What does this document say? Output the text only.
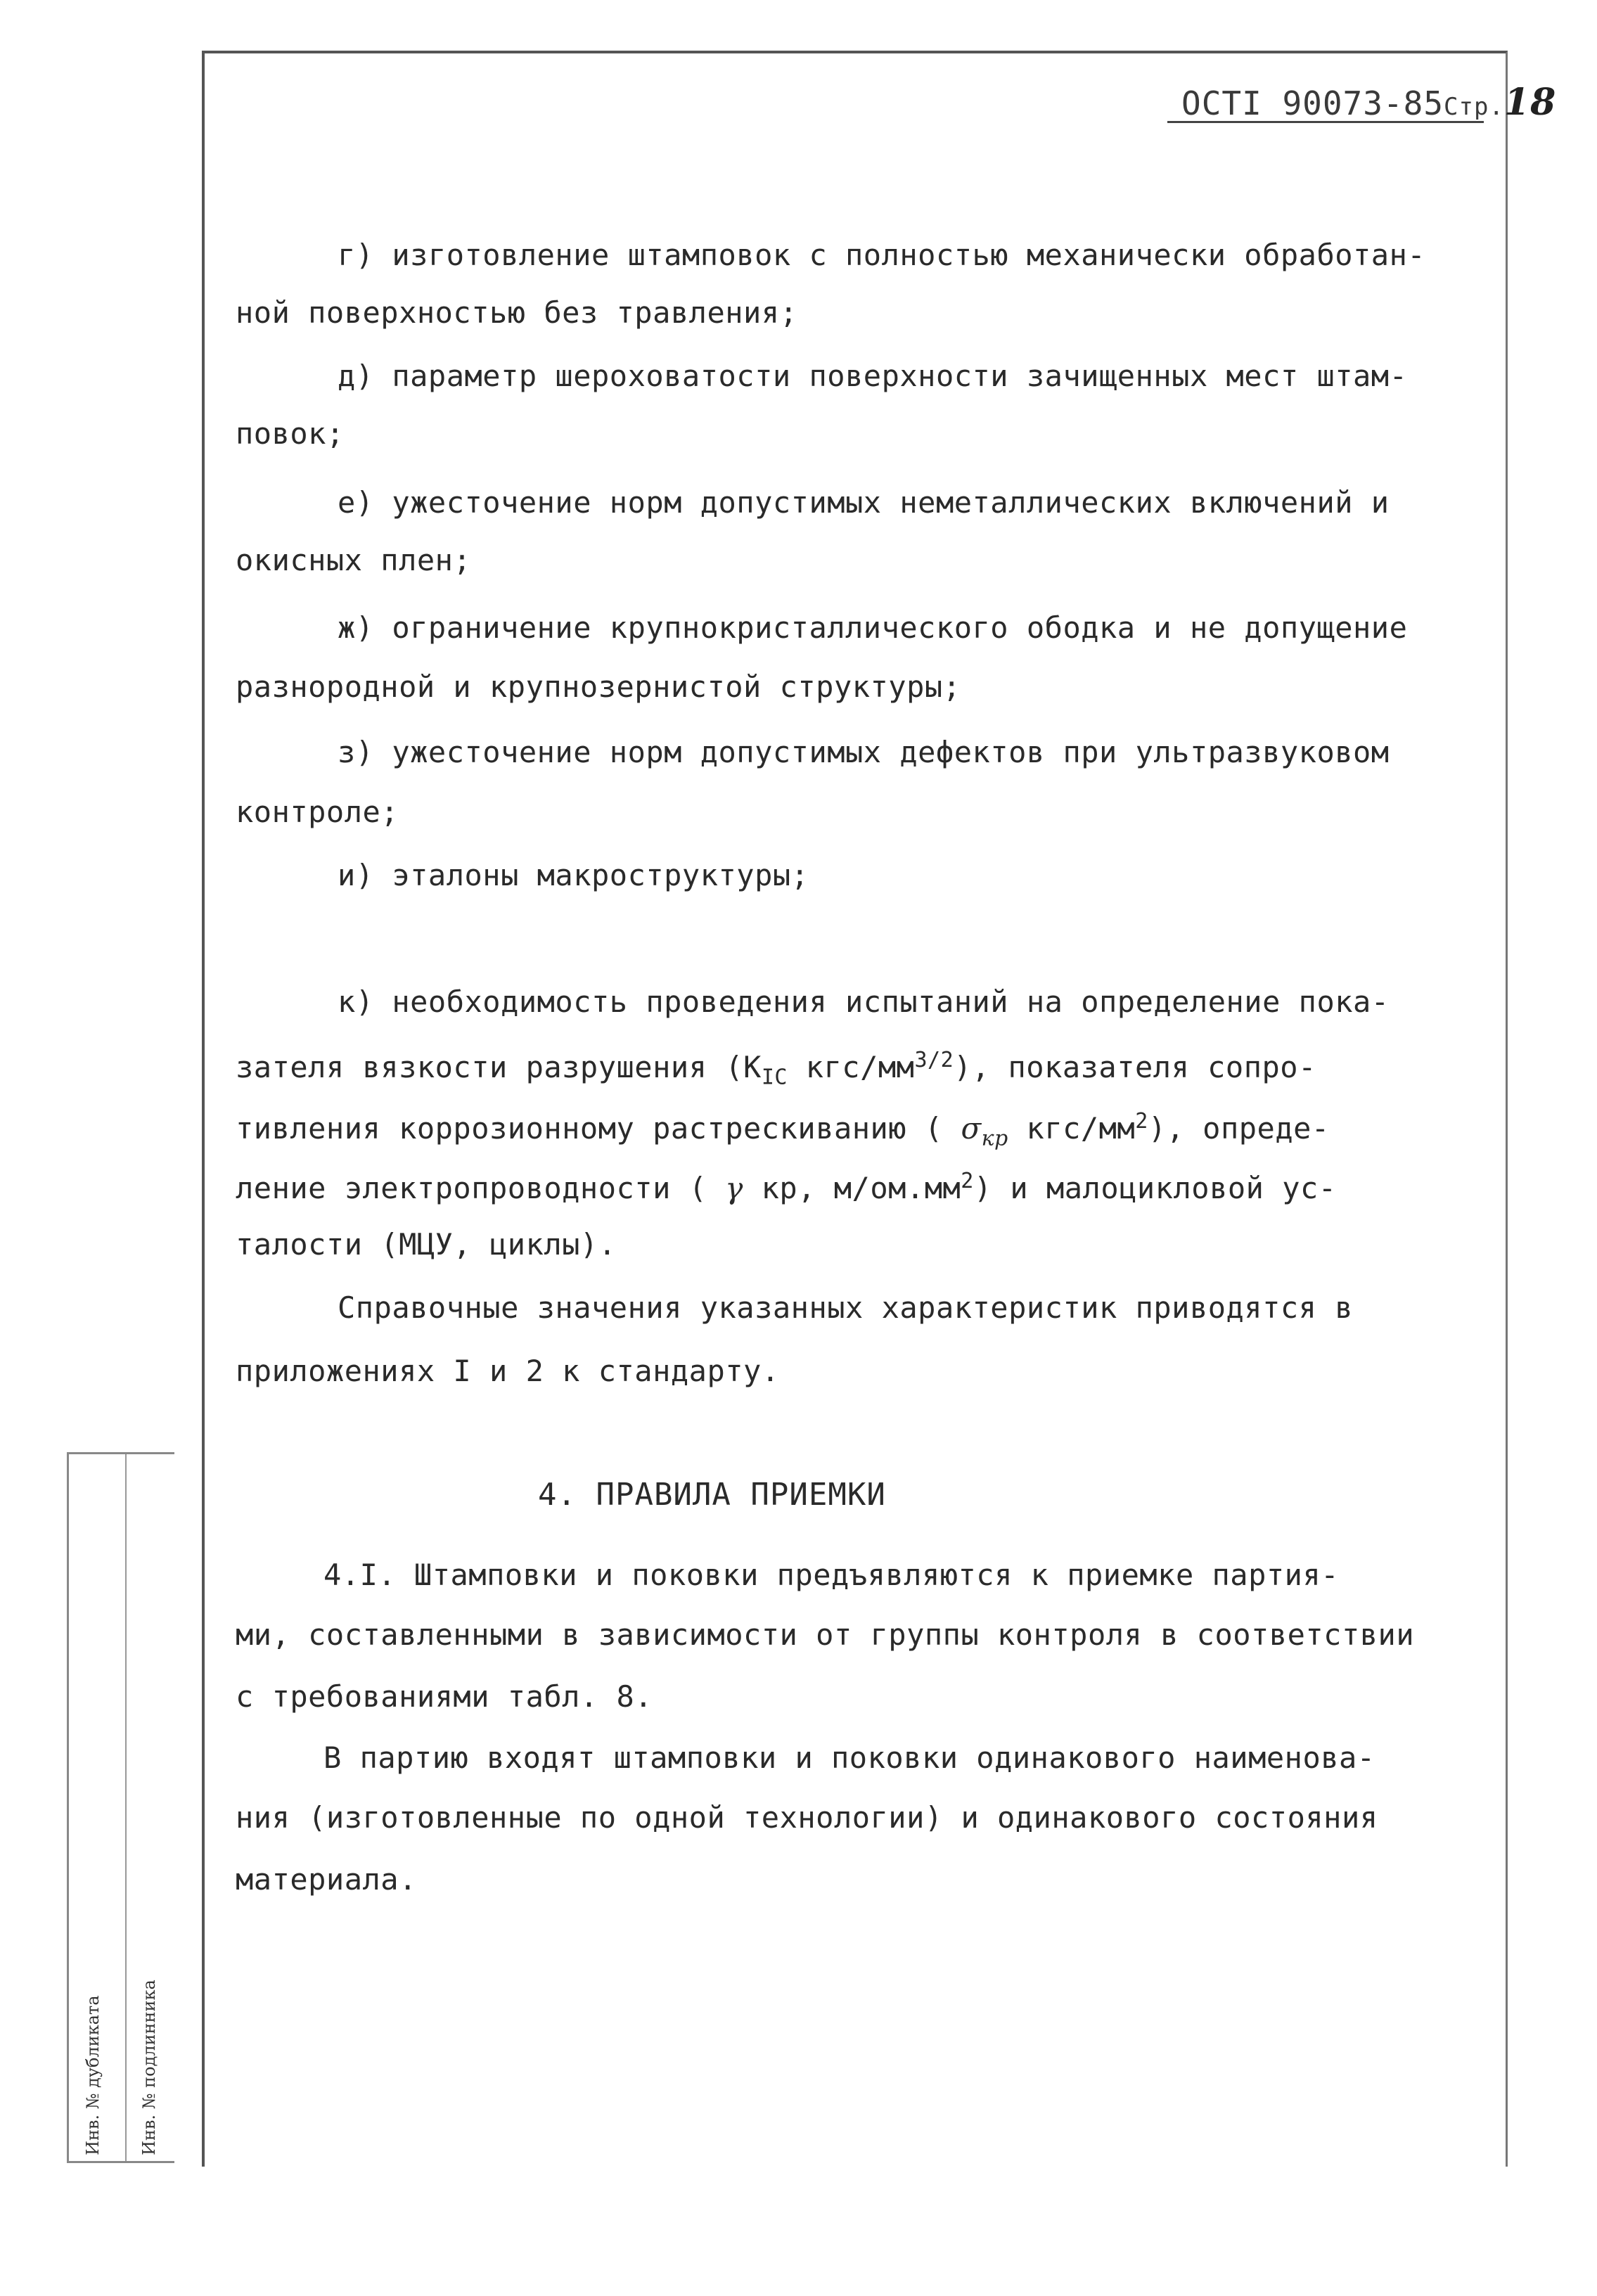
ОСТI 90073-85Стр.18
г) изготовление штамповок с полностью механически обработан-
ной поверхностью без травления;
д) параметр шероховатости поверхности зачищенных мест штам-
повок;
е) ужесточение норм допустимых неметаллических включений и
окисных плен;
ж) ограничение крупнокристаллического ободка и не допущение
разнородной и крупнозернистой структуры;
з) ужесточение норм допустимых дефектов при ультразвуковом
контроле;
и) эталоны макроструктуры;
к) необходимость проведения испытаний на определение пока-
зателя вязкости разрушения ($K_{IC}$ кгс/$мм^{3/2}$), показателя сопро-
тивления коррозионному растрескиванию ( $\sigma_{кр}$ кгс/$мм^2$), опреде-
ление электропроводности ( γ кр, $м/ом.мм^2$) и малоцикловой ус-
талости (МЦУ, циклы).
Справочные значения указанных характеристик приводятся в
приложениях I и 2 к стандарту.
4. ПРАВИЛА ПРИЕМКИ
4.I. Штамповки и поковки предъявляются к приемке партия-
ми, составленными в зависимости от группы контроля в соответствии
с требованиями табл. 8.
В партию входят штамповки и поковки одинакового наименова-
ния (изготовленные по одной технологии) и одинакового состояния
материала.
Инв. № дубликата Инв. № подлинника
